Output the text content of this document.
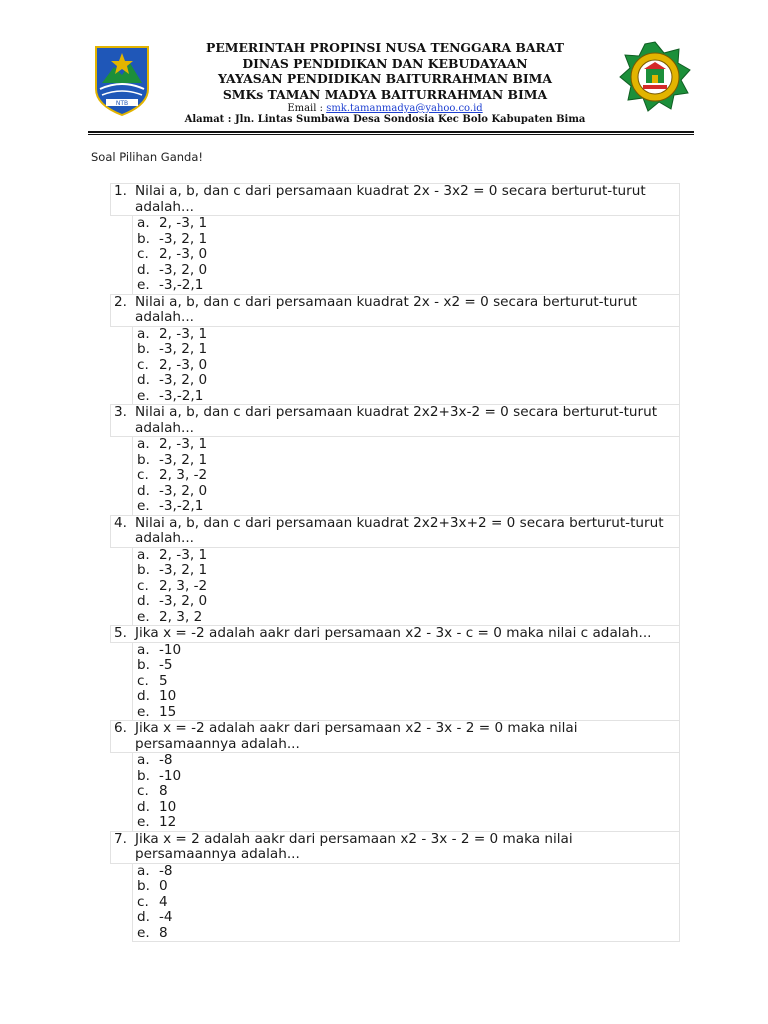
NTB
PEMERINTAH PROPINSI NUSA TENGGARA BARAT
DINAS PENDIDIKAN DAN KEBUDAYAAN
YAYASAN PENDIDIKAN BAITURRAHMAN BIMA
SMKs TAMAN MADYA BAITURRAHMAN BIMA
Email : smk.tamanmadya@yahoo.co.id
Alamat : Jln. Lintas Sumbawa Desa Sondosia Kec Bolo Kabupaten Bima
Soal Pilihan Ganda!
1. Nilai a, b, dan c dari persamaan kuadrat 2x - 3x2 = 0 secara berturut-turut adalah...
a. 2, -3, 1
b. -3, 2, 1
c. 2, -3, 0
d. -3, 2, 0
e. -3,-2,1
2. Nilai a, b, dan c dari persamaan kuadrat 2x - x2 = 0 secara berturut-turut adalah...
a. 2, -3, 1
b. -3, 2, 1
c. 2, -3, 0
d. -3, 2, 0
e. -3,-2,1
3. Nilai a, b, dan c dari persamaan kuadrat 2x2+3x-2 = 0 secara berturut-turut adalah...
a. 2, -3, 1
b. -3, 2, 1
c. 2, 3, -2
d. -3, 2, 0
e. -3,-2,1
4. Nilai a, b, dan c dari persamaan kuadrat 2x2+3x+2 = 0 secara berturut-turut adalah...
a. 2, -3, 1
b. -3, 2, 1
c. 2, 3, -2
d. -3, 2, 0
e. 2, 3, 2
5. Jika x = -2 adalah aakr dari persamaan x2 - 3x - c = 0 maka nilai c adalah...
a. -10
b. -5
c. 5
d. 10
e. 15
6. Jika x = -2 adalah aakr dari persamaan x2 - 3x - 2 = 0 maka nilai persamaannya adalah...
a. -8
b. -10
c. 8
d. 10
e. 12
7. Jika x = 2 adalah aakr dari persamaan x2 - 3x - 2 = 0 maka nilai persamaannya adalah...
a. -8
b. 0
c. 4
d. -4
e. 8
